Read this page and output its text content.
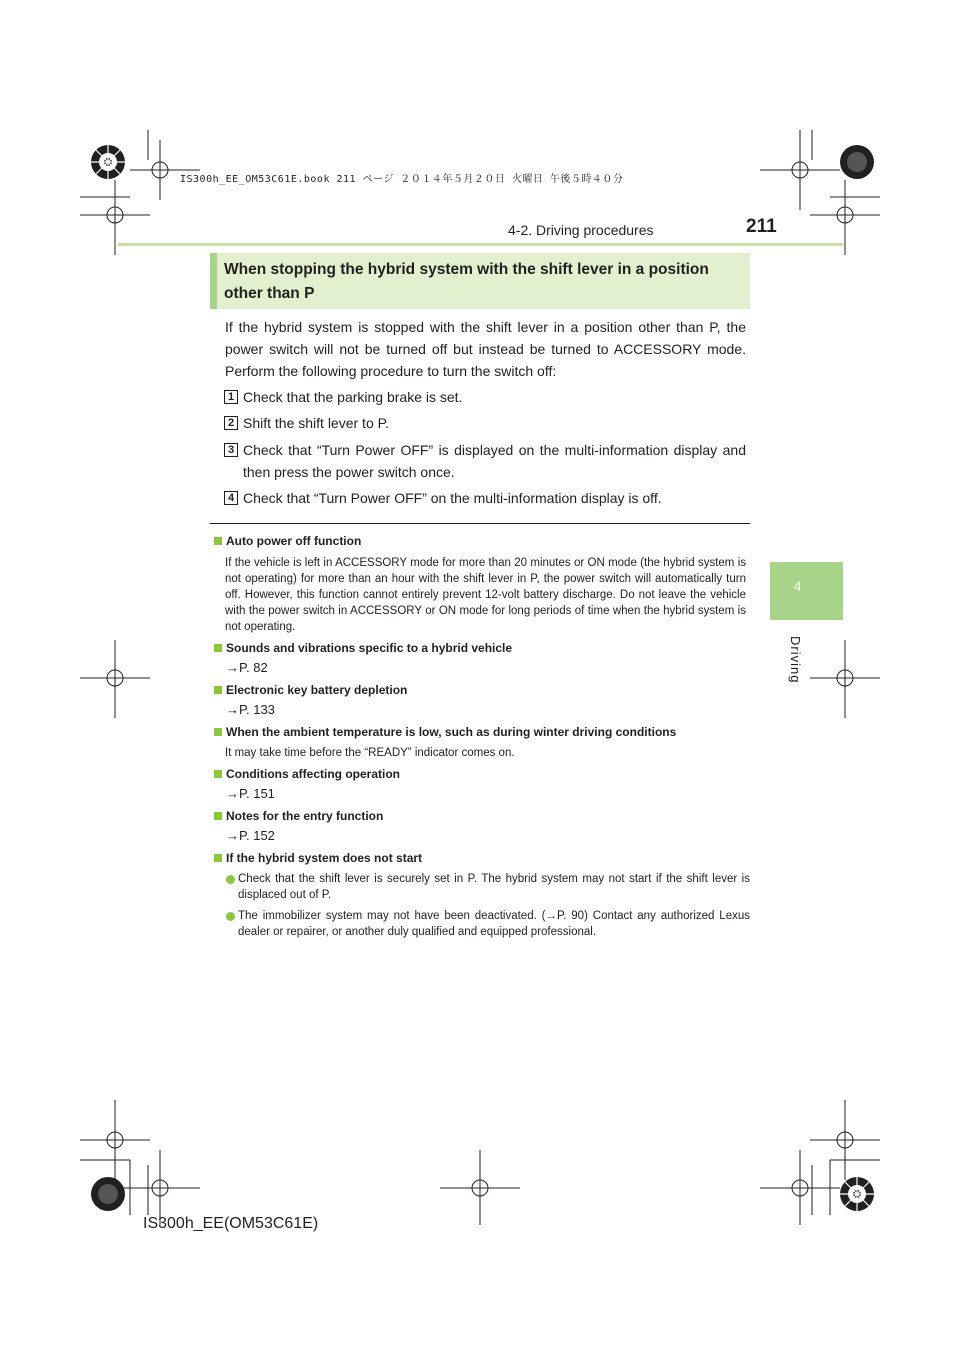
IS300h_EE_OM53C61E.book 211 ページ ２０１４年５月２０日 火曜日 午後５時４０分
4-2. Driving procedures	211
4
Driving
When stopping the hybrid system with the shift lever in a position other than P
If the hybrid system is stopped with the shift lever in a position other than P, the power switch will not be turned off but instead be turned to ACCESSORY mode. Perform the following procedure to turn the switch off:
1 Check that the parking brake is set.
2 Shift the shift lever to P.
3 Check that “Turn Power OFF” is displayed on the multi-information display and then press the power switch once.
4 Check that “Turn Power OFF” on the multi-information display is off.
Auto power off function
If the vehicle is left in ACCESSORY mode for more than 20 minutes or ON mode (the hybrid system is not operating) for more than an hour with the shift lever in P, the power switch will automatically turn off. However, this function cannot entirely prevent 12-volt battery discharge. Do not leave the vehicle with the power switch in ACCESSORY or ON mode for long periods of time when the hybrid system is not operating.
Sounds and vibrations specific to a hybrid vehicle
→P. 82
Electronic key battery depletion
→P. 133
When the ambient temperature is low, such as during winter driving conditions
It may take time before the “READY” indicator comes on.
Conditions affecting operation
→P. 151
Notes for the entry function
→P. 152
If the hybrid system does not start
Check that the shift lever is securely set in P. The hybrid system may not start if the shift lever is displaced out of P.
The immobilizer system may not have been deactivated. (→P. 90) Contact any authorized Lexus dealer or repairer, or another duly qualified and equipped professional.
IS300h_EE(OM53C61E)
